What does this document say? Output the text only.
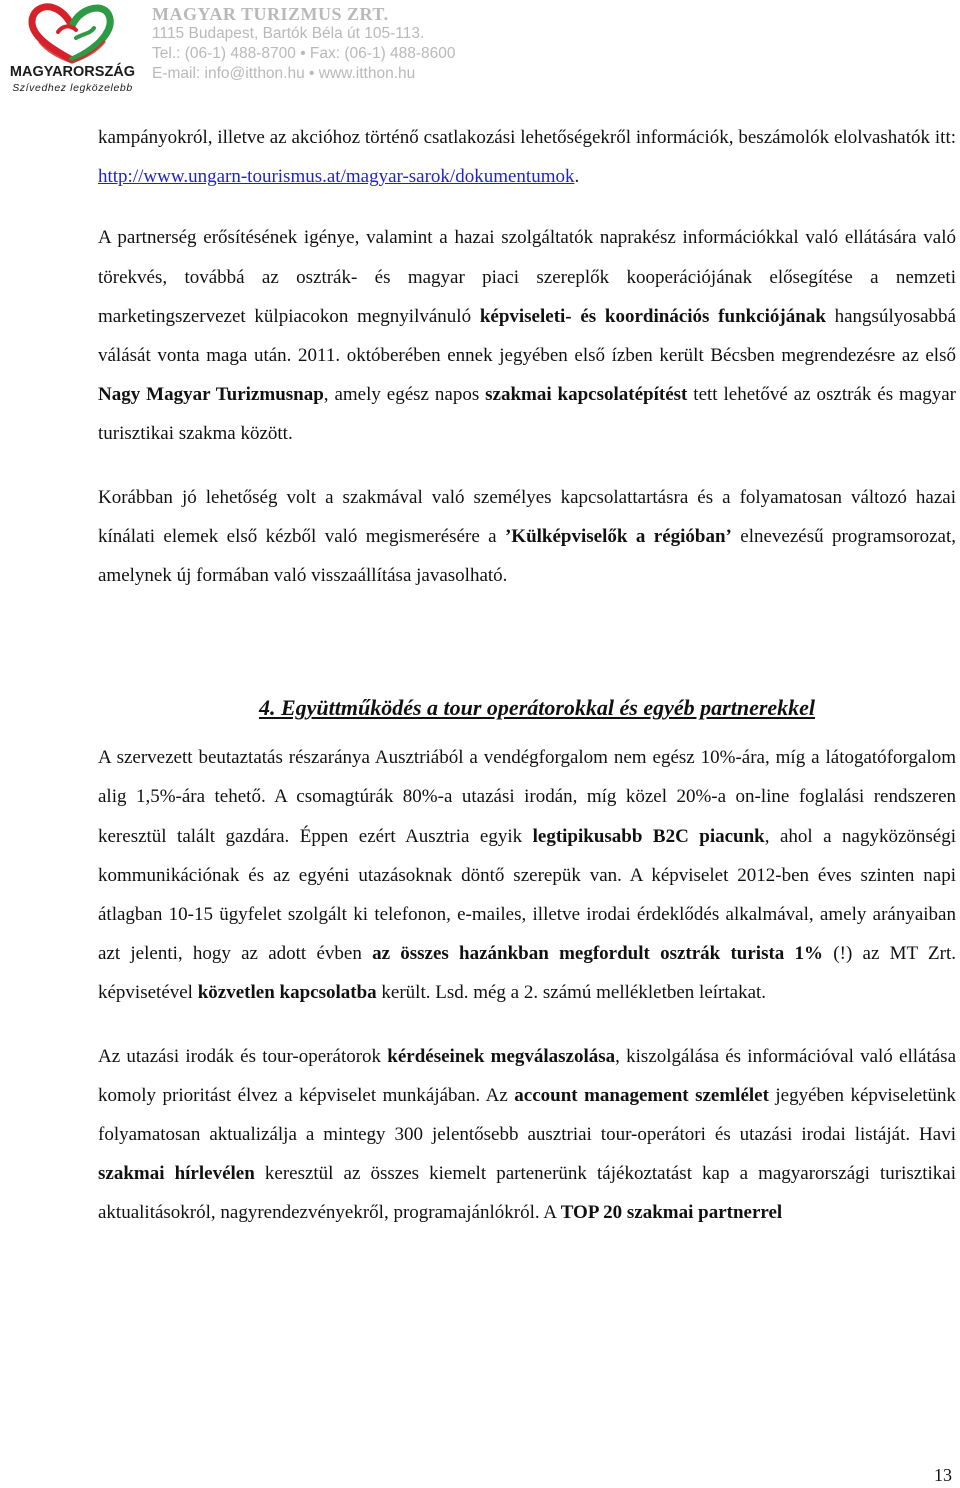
MAGYARORSZÁG
Szívedhez legközelebb
MAGYAR TURIZMUS ZRT.
1115 Budapest, Bartók Béla út 105-113.
Tel.: (06-1) 488-8700 • Fax: (06-1) 488-8600
E-mail: info@itthon.hu • www.itthon.hu

kampányokról, illetve az akcióhoz történő csatlakozási lehetőségekről információk, beszámolók elolvashatók itt: http://www.ungarn-tourismus.at/magyar-sarok/dokumentumok.

A partnerség erősítésének igénye, valamint a hazai szolgáltatók naprakész információkkal való ellátására való törekvés, továbbá az osztrák- és magyar piaci szereplők kooperációjának elősegítése a nemzeti marketingszervezet külpiacokon megnyilvánuló képviseleti- és koordinációs funkciójának hangsúlyosabbá válását vonta maga után. 2011. októberében ennek jegyében első ízben került Bécsben megrendezésre az első Nagy Magyar Turizmusnap, amely egész napos szakmai kapcsolatépítést tett lehetővé az osztrák és magyar turisztikai szakma között.

Korábban jó lehetőség volt a szakmával való személyes kapcsolattartásra és a folyamatosan változó hazai kínálati elemek első kézből való megismerésére a ’Külképviselők a régióban’ elnevezésű programsorozat, amelynek új formában való visszaállítása javasolható.

4. Együttműködés a tour operátorokkal és egyéb partnerekkel

A szervezett beutaztatás részaránya Ausztriából a vendégforgalom nem egész 10%-ára, míg a látogatóforgalom alig 1,5%-ára tehető. A csomagtúrák 80%-a utazási irodán, míg közel 20%-a on-line foglalási rendszeren keresztül talált gazdára. Éppen ezért Ausztria egyik legtipikusabb B2C piacunk, ahol a nagyközönségi kommunikációnak és az egyéni utazásoknak döntő szerepük van. A képviselet 2012-ben éves szinten napi átlagban 10-15 ügyfelet szolgált ki telefonon, e-mailes, illetve irodai érdeklődés alkalmával, amely arányaiban azt jelenti, hogy az adott évben az összes hazánkban megfordult osztrák turista 1% (!) az MT Zrt. képvisetével közvetlen kapcsolatba került. Lsd. még a 2. számú mellékletben leírtakat.

Az utazási irodák és tour-operátorok kérdéseinek megválaszolása, kiszolgálása és információval való ellátása komoly prioritást élvez a képviselet munkájában. Az account management szemlélet jegyében képviseletünk folyamatosan aktualizálja a mintegy 300 jelentősebb ausztriai tour-operátori és utazási irodai listáját. Havi szakmai hírlevélen keresztül az összes kiemelt partenerünk tájékoztatást kap a magyarországi turisztikai aktualitásokról, nagyrendezvényekről, programajánlókról. A TOP 20 szakmai partnerrel

13
